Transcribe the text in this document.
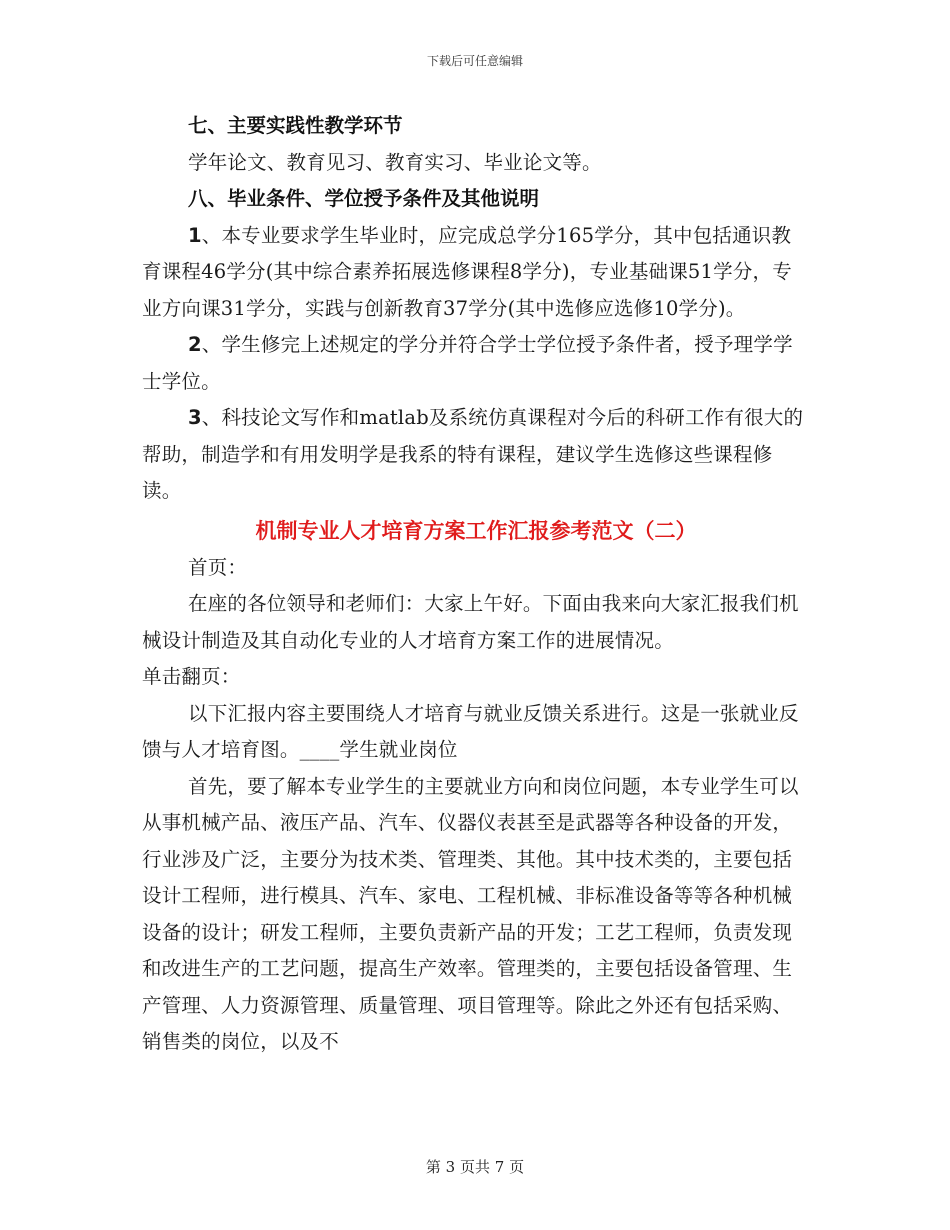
下载后可任意编辑

七、主要实践性教学环节

学年论文、教育见习、教育实习、毕业论文等。

八、毕业条件、学位授予条件及其他说明

1、本专业要求学生毕业时，应完成总学分165学分，其中包括通识教育课程46学分(其中综合素养拓展选修课程8学分)，专业基础课51学分，专业方向课31学分，实践与创新教育37学分(其中选修应选修10学分)。

2、学生修完上述规定的学分并符合学士学位授予条件者，授予理学学士学位。

3、科技论文写作和matlab及系统仿真课程对今后的科研工作有很大的帮助，制造学和有用发明学是我系的特有课程，建议学生选修这些课程修读。

机制专业人才培育方案工作汇报参考范文（二）

首页：

在座的各位领导和老师们：大家上午好。下面由我来向大家汇报我们机械设计制造及其自动化专业的人才培育方案工作的进展情况。

单击翻页：

以下汇报内容主要围绕人才培育与就业反馈关系进行。这是一张就业反馈与人才培育图。____学生就业岗位

首先，要了解本专业学生的主要就业方向和岗位问题，本专业学生可以从事机械产品、液压产品、汽车、仪器仪表甚至是武器等各种设备的开发，行业涉及广泛，主要分为技术类、管理类、其他。其中技术类的，主要包括设计工程师，进行模具、汽车、家电、工程机械、非标准设备等等各种机械设备的设计；研发工程师，主要负责新产品的开发；工艺工程师，负责发现和改进生产的工艺问题，提高生产效率。管理类的，主要包括设备管理、生产管理、人力资源管理、质量管理、项目管理等。除此之外还有包括采购、销售类的岗位，以及不

第 3 页共 7 页
